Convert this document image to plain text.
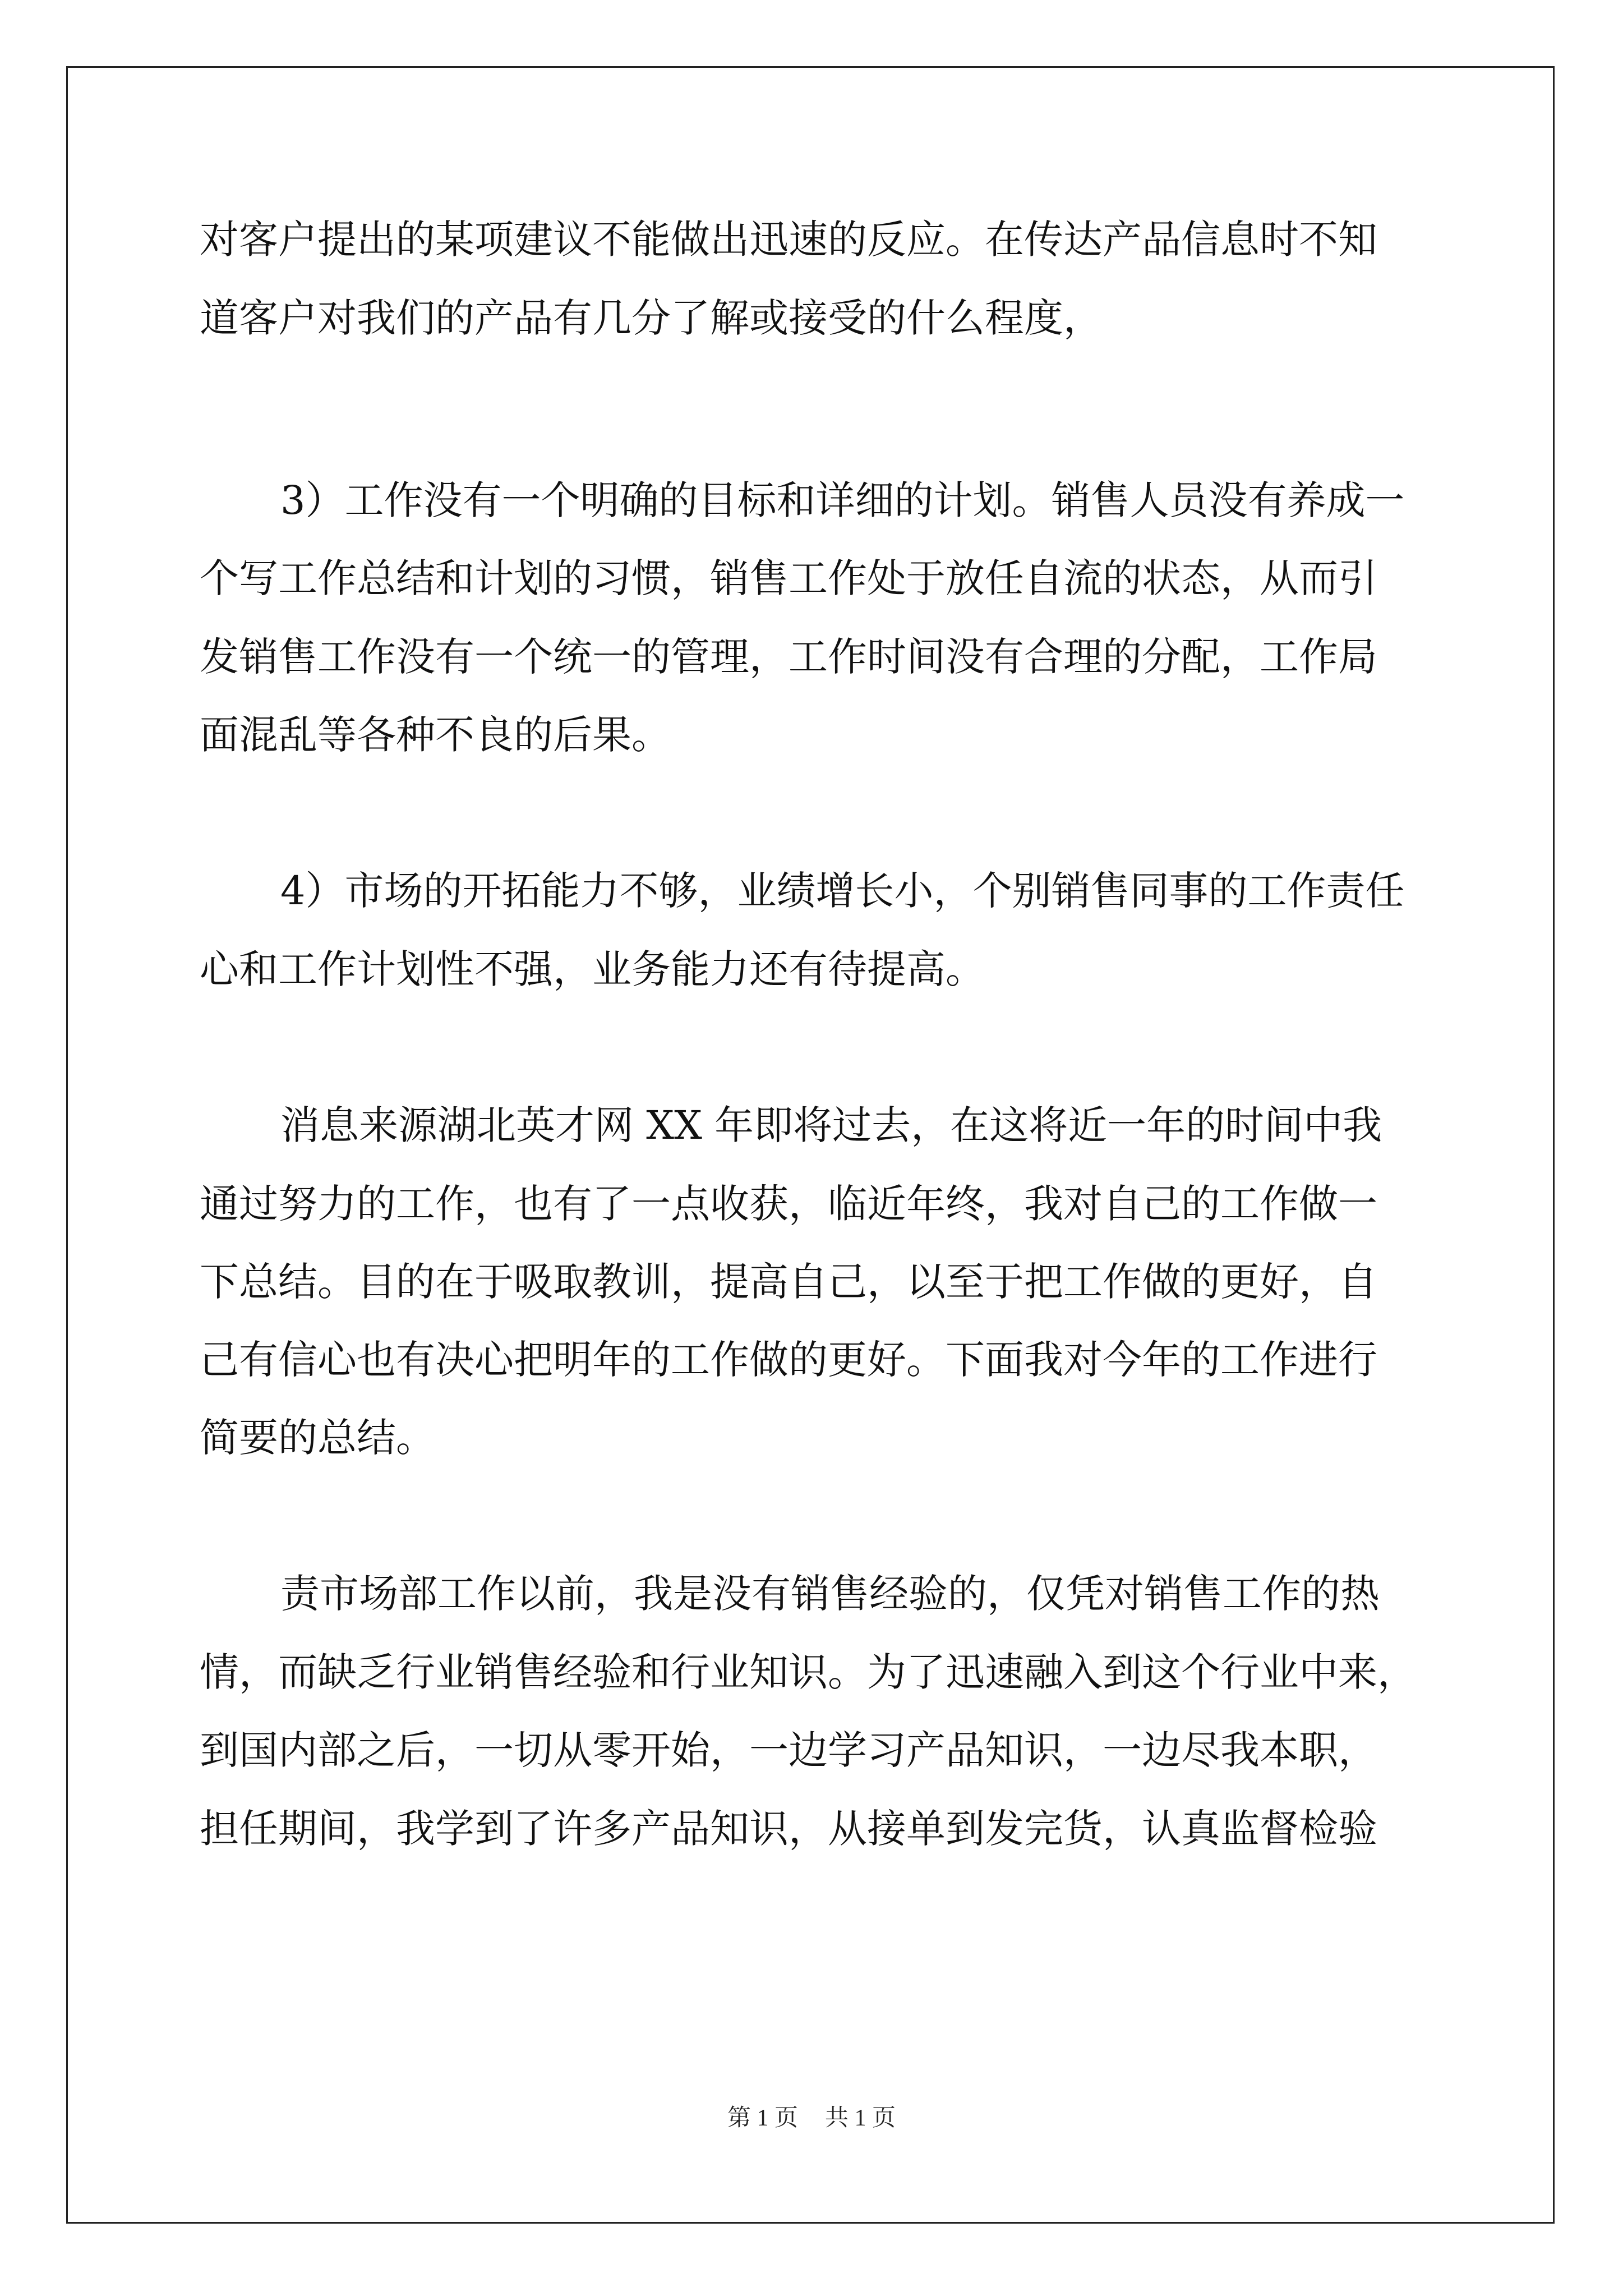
对客户提出的某项建议不能做出迅速的反应。在传达产品信息时不知
道客户对我们的产品有几分了解或接受的什么程度，
3）工作没有一个明确的目标和详细的计划。销售人员没有养成一
个写工作总结和计划的习惯，销售工作处于放任自流的状态，从而引
发销售工作没有一个统一的管理，工作时间没有合理的分配，工作局
面混乱等各种不良的后果。
4）市场的开拓能力不够，业绩增长小，个别销售同事的工作责任
心和工作计划性不强，业务能力还有待提高。
消息来源湖北英才网 XX 年即将过去，在这将近一年的时间中我
通过努力的工作，也有了一点收获，临近年终，我对自己的工作做一
下总结。目的在于吸取教训，提高自己，以至于把工作做的更好，自
己有信心也有决心把明年的工作做的更好。下面我对今年的工作进行
简要的总结。
责市场部工作以前，我是没有销售经验的，仅凭对销售工作的热
情，而缺乏行业销售经验和行业知识。为了迅速融入到这个行业中来，
到国内部之后，一切从零开始，一边学习产品知识，一边尽我本职，
担任期间，我学到了许多产品知识，从接单到发完货，认真监督检验
第 1 页 共 1 页
